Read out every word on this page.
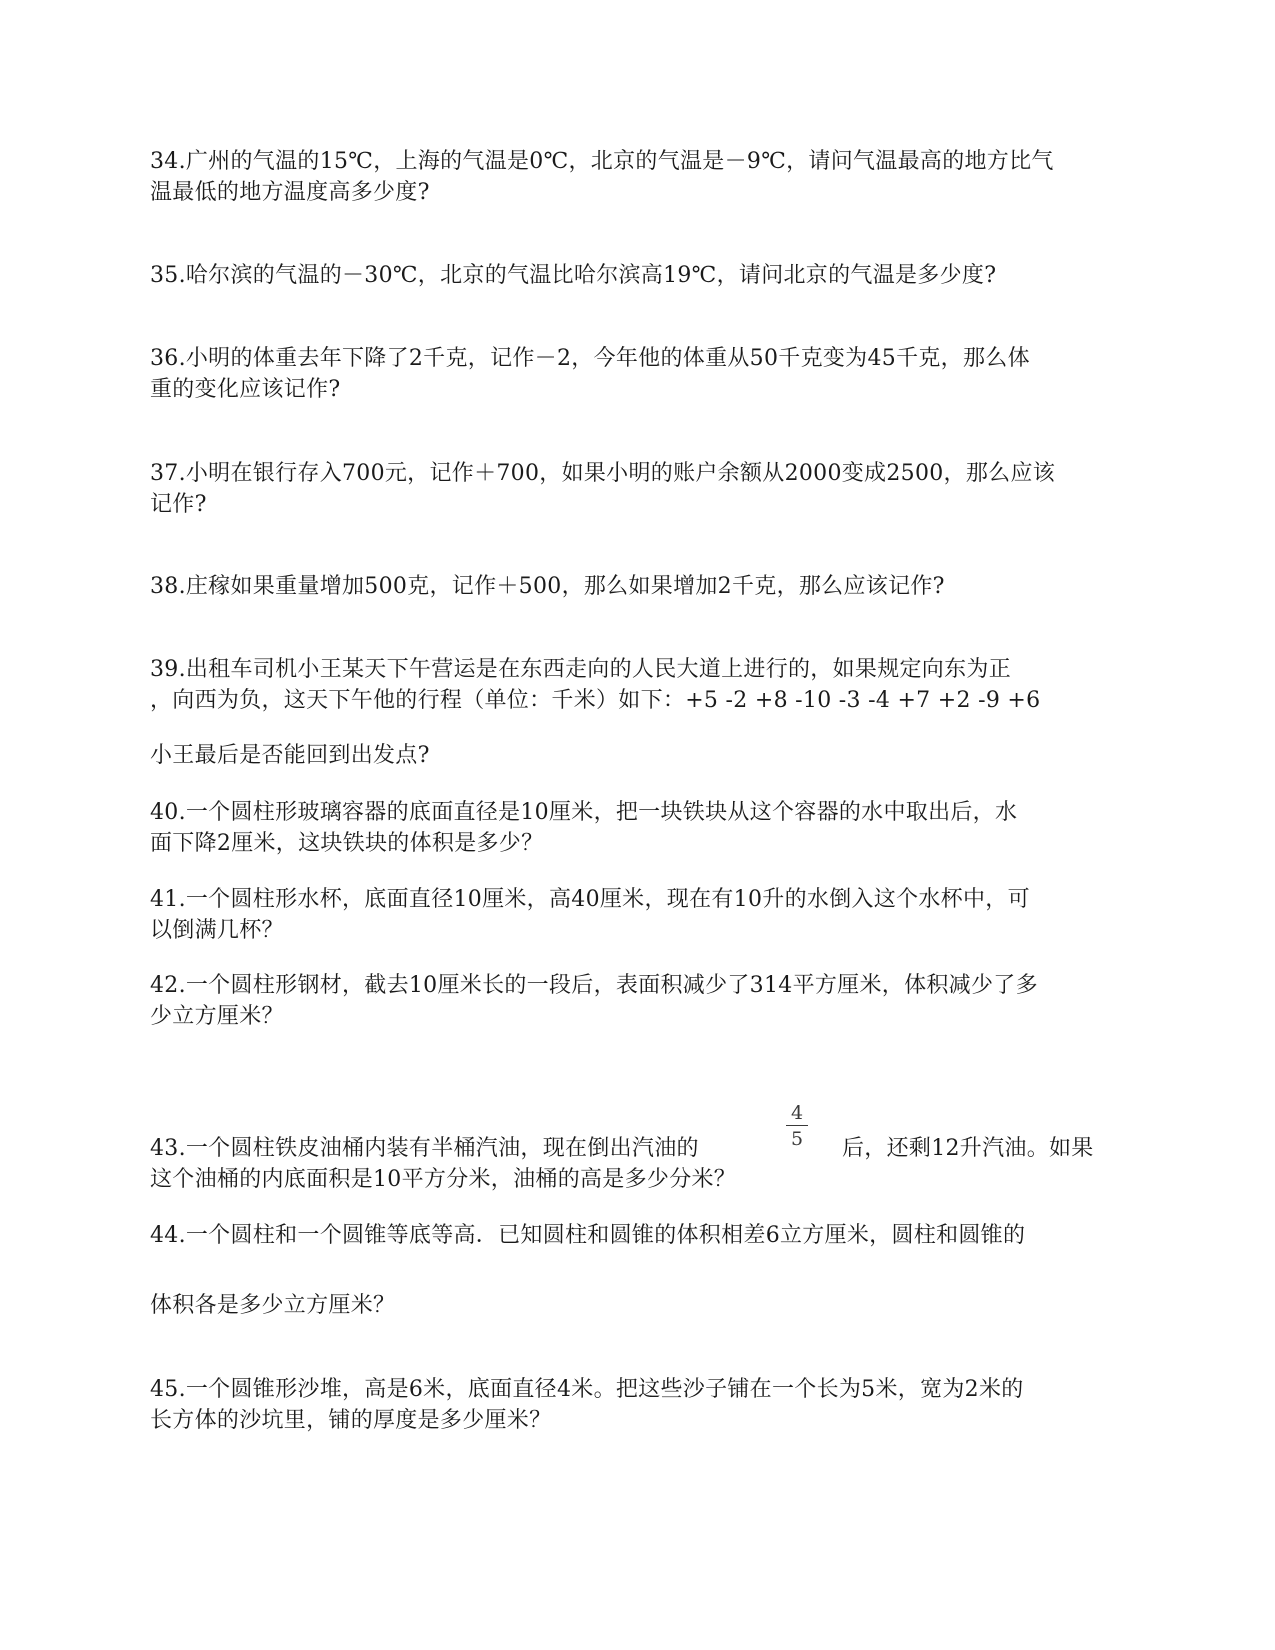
34.广州的气温的15℃，上海的气温是0℃，北京的气温是－9℃，请问气温最高的地方比气
温最低的地方温度高多少度?
35.哈尔滨的气温的－30℃，北京的气温比哈尔滨高19℃，请问北京的气温是多少度?
36.小明的体重去年下降了2千克，记作－2，今年他的体重从50千克变为45千克，那么体
重的变化应该记作?
37.小明在银行存入700元，记作＋700，如果小明的账户余额从2000变成2500，那么应该
记作?
38.庄稼如果重量增加500克，记作＋500，那么如果增加2千克，那么应该记作?
39.出租车司机小王某天下午营运是在东西走向的人民大道上进行的，如果规定向东为正
，向西为负，这天下午他的行程（单位：千米）如下：+5 -2 +8 -10 -3 -4 +7 +2 -9 +6
小王最后是否能回到出发点?
40.一个圆柱形玻璃容器的底面直径是10厘米，把一块铁块从这个容器的水中取出后，水
面下降2厘米，这块铁块的体积是多少？
41.一个圆柱形水杯，底面直径10厘米，高40厘米，现在有10升的水倒入这个水杯中，可
以倒满几杯？
42.一个圆柱形钢材，截去10厘米长的一段后，表面积减少了314平方厘米，体积减少了多
少立方厘米？
43.一个圆柱铁皮油桶内装有半桶汽油，现在倒出汽油的
4
5	后，还剩12升汽油。如果
这个油桶的内底面积是10平方分米，油桶的高是多少分米？
44.一个圆柱和一个圆锥等底等高．已知圆柱和圆锥的体积相差6立方厘米，圆柱和圆锥的
体积各是多少立方厘米？
45.一个圆锥形沙堆，高是6米，底面直径4米。把这些沙子铺在一个长为5米，宽为2米的
长方体的沙坑里，铺的厚度是多少厘米？
